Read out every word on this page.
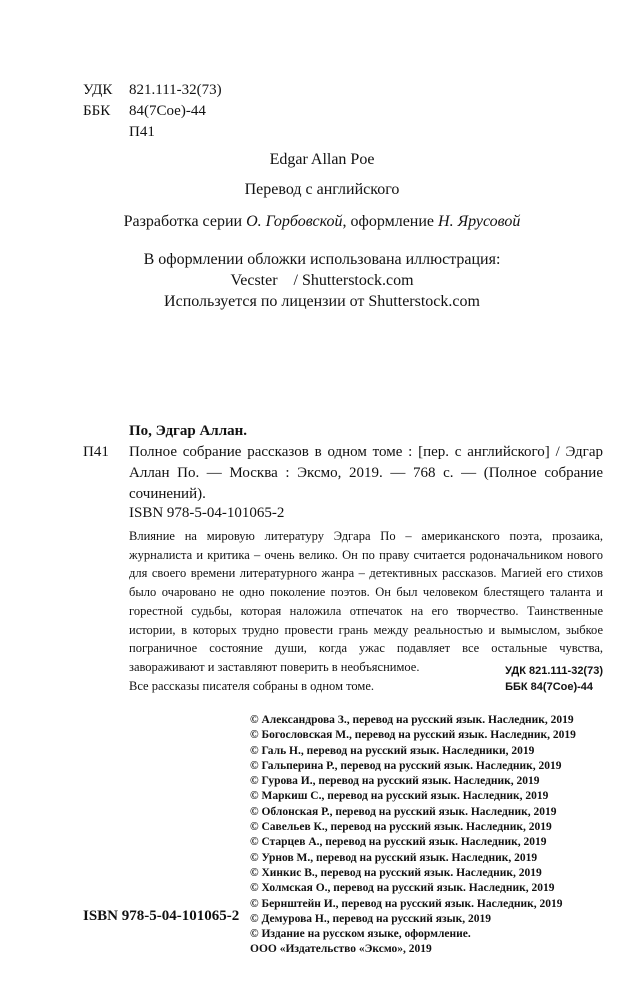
УДК	821.111-32(73)
ББК	84(7Сое)-44
П41
Edgar Allan Poe
Перевод с английского
Разработка серии О. Горбовской, оформление Н. Ярусовой
В оформлении обложки использована иллюстрация:
Vecster    / Shutterstock.com
Используется по лицензии от Shutterstock.com
По, Эдгар Аллан.
П41	Полное собрание рассказов в одном томе : [пер. с английского] / Эдгар Аллан По. — Москва : Эксмо, 2019. — 768 с. — (Полное собрание сочинений).
ISBN 978-5-04-101065-2

Влияние на мировую литературу Эдгара По – американского поэта, прозаика, журналиста и критика – очень велико. Он по праву считается родоначальником нового для своего времени литературного жанра – детективных рассказов. Магией его стихов было очаровано не одно поколение поэтов. Он был человеком блестящего таланта и горестной судьбы, которая наложила отпечаток на его творчество. Таинственные истории, в которых трудно провести грань между реальностью и вымыслом, зыбкое пограничное состояние души, когда ужас подавляет все остальные чувства, завораживают и заставляют поверить в необъяснимое.

Все рассказы писателя собраны в одном томе.

УДК 821.111-32(73)
ББК 84(7Сое)-44
© Александрова З., перевод на русский язык. Наследник, 2019
© Богословская М., перевод на русский язык. Наследник, 2019
© Галь Н., перевод на русский язык. Наследники, 2019
© Гальперина Р., перевод на русский язык. Наследник, 2019
© Гурова И., перевод на русский язык. Наследник, 2019
© Маркиш С., перевод на русский язык. Наследник, 2019
© Облонская Р., перевод на русский язык. Наследник, 2019
© Савельев К., перевод на русский язык. Наследник, 2019
© Старцев А., перевод на русский язык. Наследник, 2019
© Урнов М., перевод на русский язык. Наследник, 2019
© Хинкис В., перевод на русский язык. Наследник, 2019
© Холмская О., перевод на русский язык. Наследник, 2019
© Бернштейн И., перевод на русский язык. Наследник, 2019
© Демурова Н., перевод на русский язык, 2019
© Издание на русском языке, оформление.
ООО «Издательство «Эксмо», 2019
ISBN 978-5-04-101065-2
